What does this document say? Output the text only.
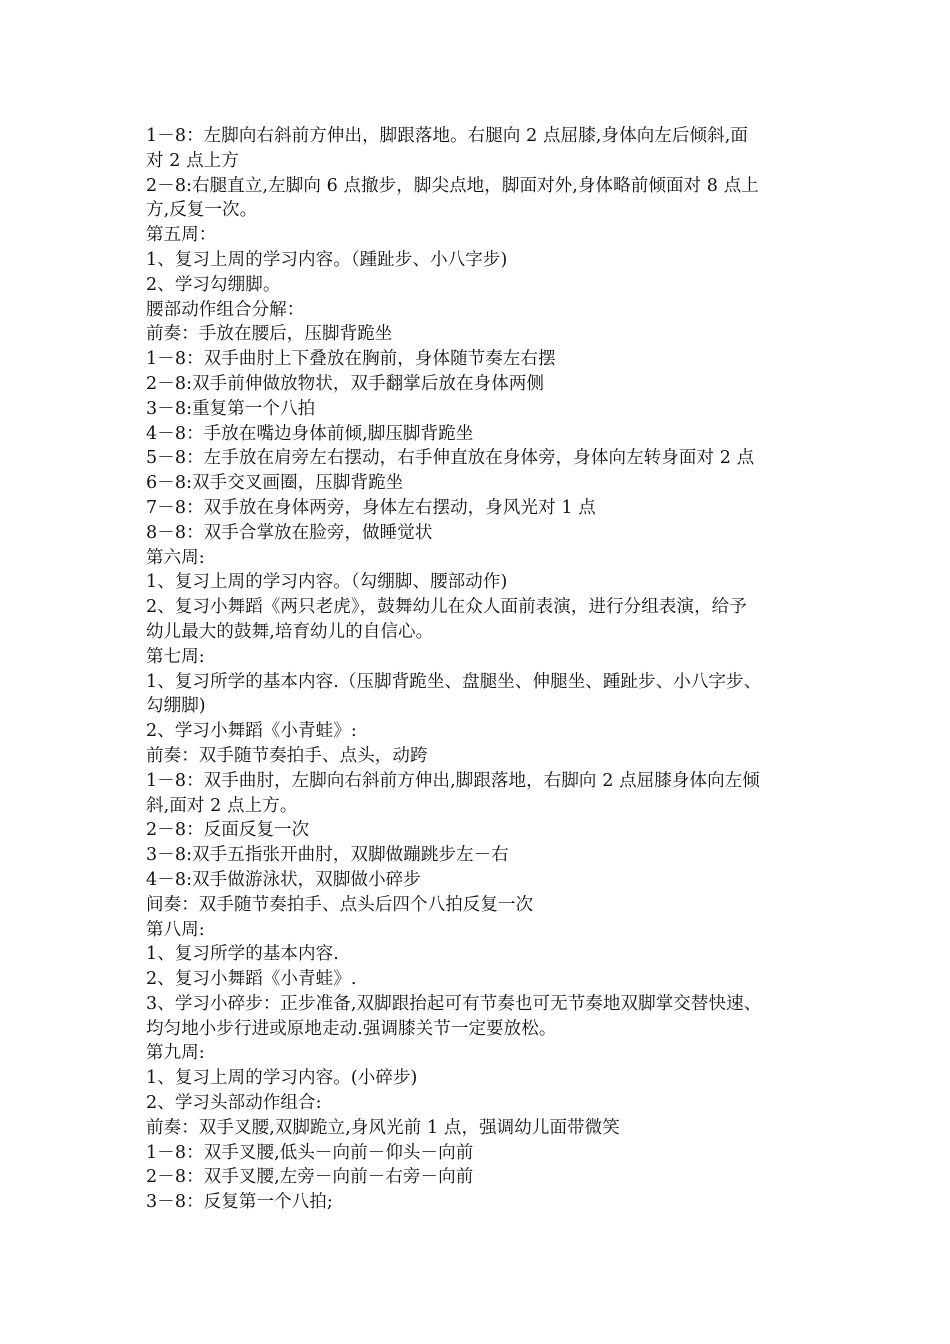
1－8：左脚向右斜前方伸出，脚跟落地。右腿向 2 点屈膝,身体向左后倾斜,面
对 2 点上方
2－8:右腿直立,左脚向 6 点撤步，脚尖点地，脚面对外,身体略前倾面对 8 点上
方,反复一次。
第五周：
1、复习上周的学习内容。（踵趾步、小八字步)
2、学习勾绷脚。
腰部动作组合分解：
前奏：手放在腰后，压脚背跪坐
1－8：双手曲肘上下叠放在胸前，身体随节奏左右摆
2－8:双手前伸做放物状，双手翻掌后放在身体两侧
3－8:重复第一个八拍
4－8：手放在嘴边身体前倾,脚压脚背跪坐
5－8：左手放在肩旁左右摆动，右手伸直放在身体旁，身体向左转身面对 2 点
6－8:双手交叉画圈，压脚背跪坐
7－8：双手放在身体两旁，身体左右摆动，身风光对 1 点
8－8：双手合掌放在脸旁，做睡觉状
第六周:
1、复习上周的学习内容。（勾绷脚、腰部动作)
2、复习小舞蹈《两只老虎》，鼓舞幼儿在众人面前表演，进行分组表演，给予
幼儿最大的鼓舞,培育幼儿的自信心。
第七周:
1、复习所学的基本内容.（压脚背跪坐、盘腿坐、伸腿坐、踵趾步、小八字步、
勾绷脚)
2、学习小舞蹈《小青蛙》:
前奏：双手随节奏拍手、点头，动跨
1－8：双手曲肘，左脚向右斜前方伸出,脚跟落地，右脚向 2 点屈膝身体向左倾
斜,面对 2 点上方。
2－8：反面反复一次
3－8:双手五指张开曲肘，双脚做蹦跳步左－右
4－8:双手做游泳状，双脚做小碎步
间奏：双手随节奏拍手、点头后四个八拍反复一次
第八周:
1、复习所学的基本内容.
2、复习小舞蹈《小青蛙》.
3、学习小碎步：正步准备,双脚跟抬起可有节奏也可无节奏地双脚掌交替快速、
均匀地小步行进或原地走动.强调膝关节一定要放松。
第九周:
1、复习上周的学习内容。(小碎步)
2、学习头部动作组合:
前奏：双手叉腰,双脚跪立,身风光前 1 点，强调幼儿面带微笑
1－8：双手叉腰,低头－向前－仰头－向前
2－8：双手叉腰,左旁－向前－右旁－向前
3－8：反复第一个八拍;
